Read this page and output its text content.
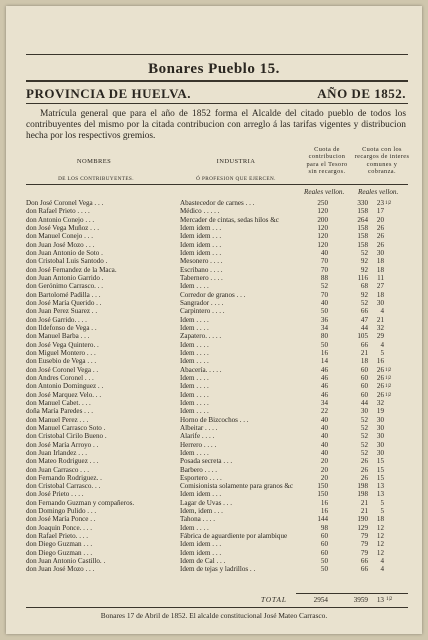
Bonares Pueblo 15.
PROVINCIA DE HUELVA.	AÑO DE 1852.
Matrícula general que para el año de 1852 forma el Alcalde del citado pueblo de todos los contribuyentes del mismo por la citada contribucion con arreglo á las tarifas vigentes y distribucion hecha por los respectivos gremios.
NOMBRES
DE LOS CONTRIBUYENTES.
INDUSTRIA
Ó PROFESION QUE EJERCEN.
Cuota de contribucion para el Tesoro sin recargos.
Cuota con los recargos de interes comunes y cobranza.
Reales vellon. Reales vellon.
Don José Coronel Vega . . .	Abastecedor de carnes . . .	250	330	23 1|2
don Rafael Prieto . . . .	Médico . . . . .	120	158	17
don Antonio Conejo . . .	Mercader de cintas, sedas hilos &c	200	264	20
don José Vega Muñoz . . .	Idem idem . . .	120	158	26
don Manuel Conejo . . .	Idem idem . . .	120	158	26
don Juan José Mozo . . .	Idem idem . . .	120	158	26
don Juan Antonio de Soto .	Idem idem . . .	40	52	30
don Cristobal Luis Santodo .	Mesonero . . . .	70	92	18
don José Fernandez de la Maca.	Escribano . . . .	70	92	18
don Juan Antonio Garrido .	Tabernero . . . .	88	116	11
don Gerónimo Carrasco. . .	Idem . . . .	52	68	27
don Bartolomé Padilla . . .	Corredor de granos . . .	70	92	18
don José María Querido . .	Sangrador . . . .	40	52	30
don Juan Perez Suarez . .	Carpintero . . . .	50	66	4
don José Garrido. . . .	Idem . . . .	36	47	21
don Ildefonso de Vega . .	Idem . . . .	34	44	32
don Manuel Barba . . .	Zapatero. . . . .	80	105	29
don José Vega Quintero. .	Idem . . . .	50	66	4
don Miguel Montero . . .	Idem . . . .	16	21	5
don Eusebio de Vega . . .	Idem . . . .	14	18	16
don José Coronel Vega . .	Abacería. . . . .	46	60	26 1|2
don Andres Coronel . . .	Idem . . . .	46	60	26 1|2
don Antonio Dominguez . .	Idem . . . .	46	60	26 1|2
don José Marquez Velo. . .	Idem . . . .	46	60	26 1|2
don Manuel Cabet. . . .	Idem . . . .	34	44	32
doña María Paredes . . .	Idem . . . .	22	30	19
don Manuel Perez . . .	Horno de Bizcochos . . .	40	52	30
don Manuel Carrasco Soto .	Albeitar . . . .	40	52	30
don Cristobal Cirilo Bueno .	Alarife . . . .	40	52	30
don José María Arroyo . .	Herrero . . . .	40	52	30
don Juan Irlandez . . .	Idem . . . .	40	52	30
don Mateo Rodriguez . . .	Posada secreta . . .	20	26	15
don Juan Carrasco . . .	Barbero . . . .	20	26	15
don Fernando Rodriguez. .	Esportero . . . .	20	26	15
don Cristobal Carrasco. . .	Comisionista solamente para granos &c	150	198	13
don José Prieto . . . .	Idem idem . . .	150	198	13
don Fernando Guzman y compañeros.	Lagar de Uvas . . .	16	21	5
don Domingo Pulido . . .	Idem, idem . . .	16	21	5
don José María Ponce . .	Tahona . . . .	144	190	18
don Joaquin Ponce. . . .	Idem . . . .	98	129	12
don Rafael Prieto. . . .	Fábrica de aguardiente por alambique	60	79	12
don Diego Guzman . . .	Idem idem . . .	60	79	12
don Diego Guzman . . .	Idem idem . . .	60	79	12
don Juan Antonio Castillo. .	Idem de Cal . . .	50	66	4
don Juan José Mozo . . .	Idem de tejas y ladrillos . .	50	66	4
TOTAL	2954	3959	13 1|2
Bonares 17 de Abril de 1852. El alcalde constitucional José Mateo Carrasco.
